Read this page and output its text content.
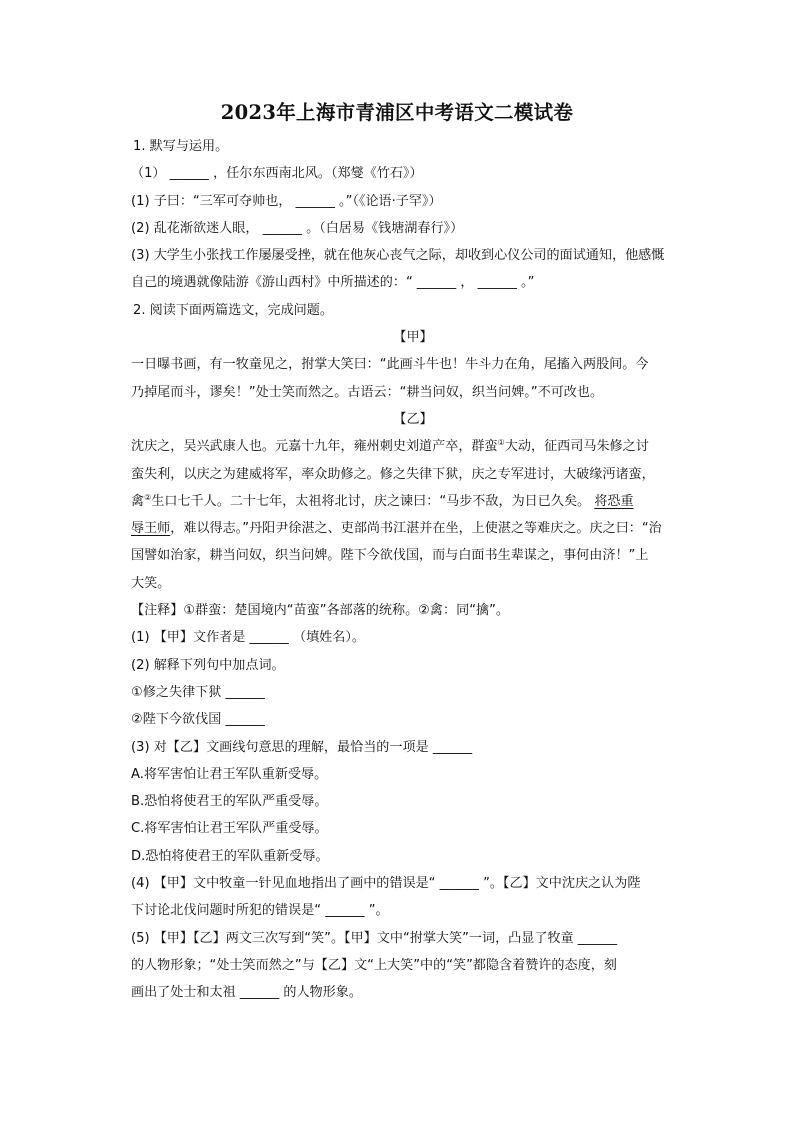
2023年上海市青浦区中考语文二模试卷

1. 默写与运用。

（1） ______ ，任尔东西南北风。（郑燮《竹石》）

(1) 子曰：“三军可夺帅也， ______ 。”（《论语·子罕》）

(2) 乱花渐欲迷人眼， ______ 。（白居易《钱塘湖春行》）

(3) 大学生小张找工作屡屡受挫，就在他灰心丧气之际，却收到心仪公司的面试通知，他感慨

自己的境遇就像陆游《游山西村》中所描述的：“ ______ ， ______ 。”

2. 阅读下面两篇选文，完成问题。

【甲】

一日曝书画，有一牧童见之，拊掌大笑曰：“此画斗牛也！牛斗力在角，尾搐入两股间。今

乃掉尾而斗，谬矣！”处士笑而然之。古语云：“耕当问奴，织当问婢。”不可改也。

【乙】

沈庆之，吴兴武康人也。元嘉十九年，雍州刺史刘道产卒，群蛮①大动，征西司马朱修之讨

蛮失利，以庆之为建威将军，率众助修之。修之失律下狱，庆之专军进讨，大破缘沔诸蛮，

禽②生口七千人。二十七年，太祖将北讨，庆之谏曰：“马步不敌，为日已久矣。 将恐重

辱王师，难以得志。”丹阳尹徐湛之、吏部尚书江湛并在坐，上使湛之等难庆之。庆之曰：“治

国譬如治家，耕当问奴，织当问婢。陛下今欲伐国，而与白面书生辈谋之，事何由济！”上

大笑。

【注释】①群蛮：楚国境内“苗蛮”各部落的统称。②禽：同“擒”。

(1) 【甲】文作者是 ______ （填姓名）。

(2) 解释下列句中加点词。

①修之失律下狱 ______

②陛下今欲伐国 ______

(3) 对【乙】文画线句意思的理解，最恰当的一项是 ______

A.将军害怕让君王军队重新受辱。

B.恐怕将使君王的军队严重受辱。

C.将军害怕让君王军队严重受辱。

D.恐怕将使君王的军队重新受辱。

(4) 【甲】文中牧童一针见血地指出了画中的错误是“ ______ ”。【乙】文中沈庆之认为陛

下讨论北伐问题时所犯的错误是“ ______ ”。

(5) 【甲】【乙】两文三次写到“笑”。【甲】文中“拊掌大笑”一词，凸显了牧童 ______

的人物形象；“处士笑而然之”与【乙】文“上大笑”中的“笑”都隐含着赞许的态度，刻

画出了处士和太祖 ______ 的人物形象。
